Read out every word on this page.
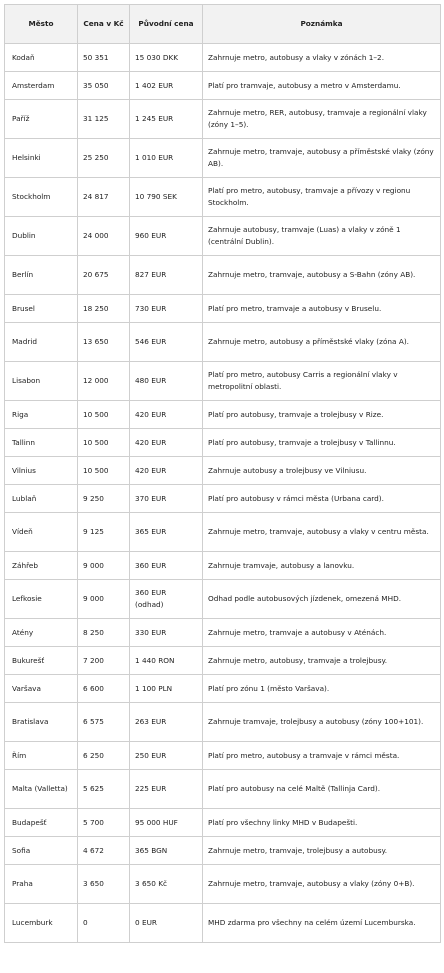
Město	Cena v Kč	Původní cena	Poznámka
Kodaň	50 351	15 030 DKK	Zahrnuje metro, autobusy a vlaky v zónách 1–2.
Amsterdam	35 050	1 402 EUR	Platí pro tramvaje, autobusy a metro v Amsterdamu.
Paříž	31 125	1 245 EUR	Zahrnuje metro, RER, autobusy, tramvaje a regionální vlaky (zóny 1–5).
Helsinki	25 250	1 010 EUR	Zahrnuje metro, tramvaje, autobusy a příměstské vlaky (zóny AB).
Stockholm	24 817	10 790 SEK	Platí pro metro, autobusy, tramvaje a přívozy v regionu Stockholm.
Dublin	24 000	960 EUR	Zahrnuje autobusy, tramvaje (Luas) a vlaky v zóně 1 (centrální Dublin).
Berlín	20 675	827 EUR	Zahrnuje metro, tramvaje, autobusy a S-Bahn (zóny AB).
Brusel	18 250	730 EUR	Platí pro metro, tramvaje a autobusy v Bruselu.
Madrid	13 650	546 EUR	Zahrnuje metro, autobusy a příměstské vlaky (zóna A).
Lisabon	12 000	480 EUR	Platí pro metro, autobusy Carris a regionální vlaky v metropolitní oblasti.
Riga	10 500	420 EUR	Platí pro autobusy, tramvaje a trolejbusy v Rize.
Tallinn	10 500	420 EUR	Platí pro autobusy, tramvaje a trolejbusy v Tallinnu.
Vilnius	10 500	420 EUR	Zahrnuje autobusy a trolejbusy ve Vilniusu.
Lublaň	9 250	370 EUR	Platí pro autobusy v rámci města (Urbana card).
Vídeň	9 125	365 EUR	Zahrnuje metro, tramvaje, autobusy a vlaky v centru města.
Záhřeb	9 000	360 EUR	Zahrnuje tramvaje, autobusy a lanovku.
Lefkosie	9 000	360 EUR (odhad)	Odhad podle autobusových jízdenek, omezená MHD.
Atény	8 250	330 EUR	Zahrnuje metro, tramvaje a autobusy v Aténách.
Bukurešť	7 200	1 440 RON	Zahrnuje metro, autobusy, tramvaje a trolejbusy.
Varšava	6 600	1 100 PLN	Platí pro zónu 1 (město Varšava).
Bratislava	6 575	263 EUR	Zahrnuje tramvaje, trolejbusy a autobusy (zóny 100+101).
Řím	6 250	250 EUR	Platí pro metro, autobusy a tramvaje v rámci města.
Malta (Valletta)	5 625	225 EUR	Platí pro autobusy na celé Maltě (Tallinja Card).
Budapešť	5 700	95 000 HUF	Platí pro všechny linky MHD v Budapešti.
Sofia	4 672	365 BGN	Zahrnuje metro, tramvaje, trolejbusy a autobusy.
Praha	3 650	3 650 Kč	Zahrnuje metro, tramvaje, autobusy a vlaky (zóny 0+B).
Lucemburk	0	0 EUR	MHD zdarma pro všechny na celém území Lucemburska.
